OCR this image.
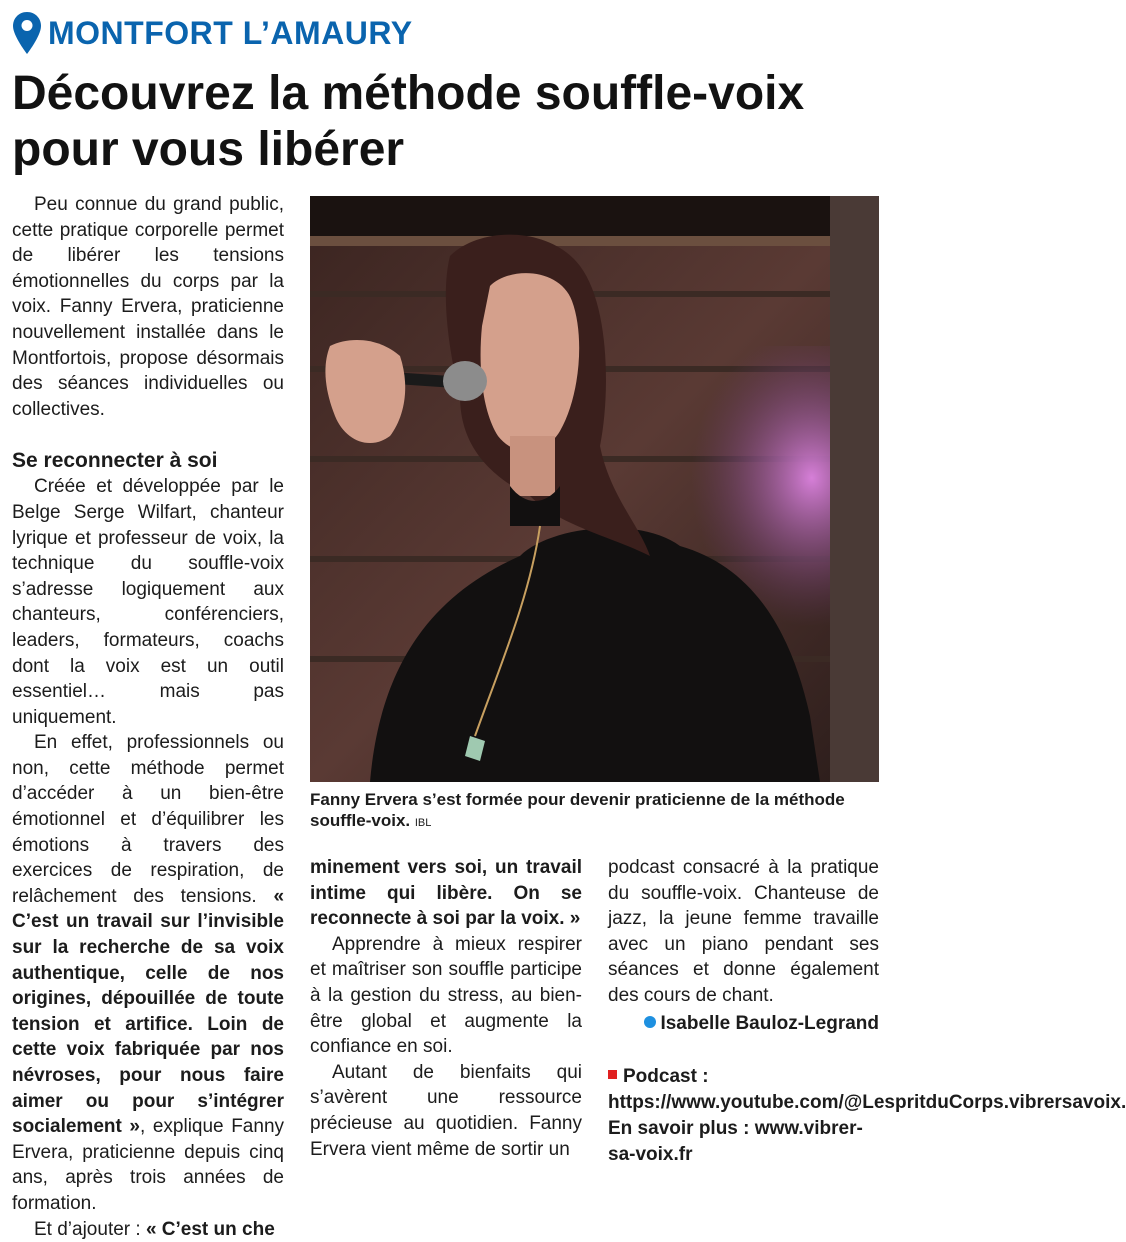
MONTFORT L’AMAURY
Découvrez la méthode souffle-voix
pour vous libérer

Peu connue du grand public, cette pratique corporelle permet de libérer les tensions émotionnelles du corps par la voix. Fanny Ervera, praticienne nouvellement installée dans le Montfortois, propose désormais des séances individuelles ou collectives.

Se reconnecter à soi

Créée et développée par le Belge Serge Wilfart, chanteur lyrique et professeur de voix, la technique du souffle-voix s’adresse logiquement aux chanteurs, conférenciers, leaders, formateurs, coachs dont la voix est un outil essentiel… mais pas uniquement.

En effet, professionnels ou non, cette méthode permet d’accéder à un bien-être émotionnel et d’équilibrer les émotions à travers des exercices de respiration, de relâchement des tensions. « C’est un travail sur l’invisible sur la recherche de sa voix authentique, celle de nos origines, dépouillée de toute tension et artifice. Loin de cette voix fabriquée par nos névroses, pour nous faire aimer ou pour s’intégrer socialement », explique Fanny Ervera, praticienne depuis cinq ans, après trois années de formation.

Et d’ajouter : « C’est un che

Fanny Ervera s’est formée pour devenir praticienne de la méthode souffle-voix. IBL

minement vers soi, un travail intime qui libère. On se reconnecte à soi par la voix. »

Apprendre à mieux respirer et maîtriser son souffle participe à la gestion du stress, au bien-être global et augmente la confiance en soi.

Autant de bienfaits qui s’avèrent une ressource précieuse au quotidien. Fanny Ervera vient même de sortir un

podcast consacré à la pratique du souffle-voix. Chanteuse de jazz, la jeune femme travaille avec un piano pendant ses séances et donne également des cours de chant.

Isabelle Bauloz-Legrand
Podcast : https://www.youtube.com/@LespritduCorps.vibrersavoix. En savoir plus : www.vibrer-sa-voix.fr
